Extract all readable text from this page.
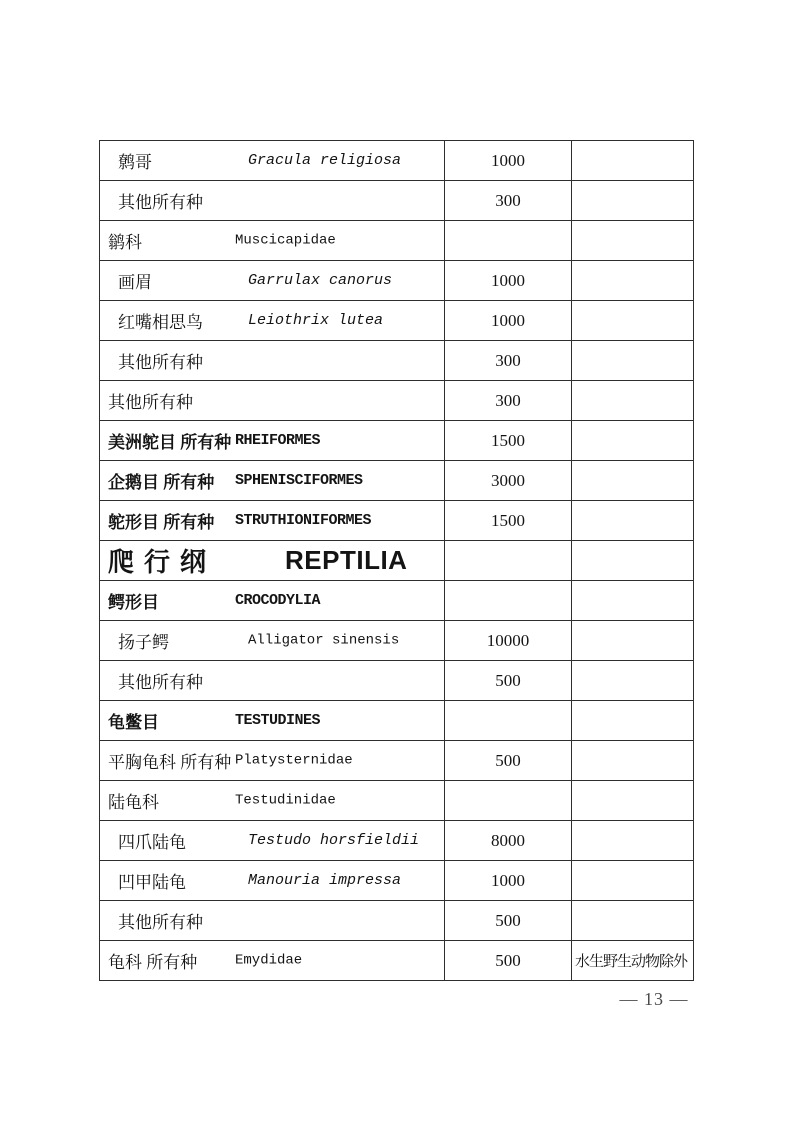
鹩哥 Gracula religiosa	1000	
其他所有种	300	
鹟科 Muscicapidae		
画眉 Garrulax canorus	1000	
红嘴相思鸟 Leiothrix lutea	1000	
其他所有种	300	
其他所有种	300	
美洲鸵目 所有种 RHEIFORMES	1500	
企鹅目 所有种 SPHENISCIFORMES	3000	
鸵形目 所有种 STRUTHIONIFORMES	1500	
爬行纲 REPTILIA		
鳄形目 CROCODYLIA		
扬子鳄 Alligator sinensis	10000	
其他所有种	500	
龟鳖目 TESTUDINES		
平胸龟科 所有种 Platysternidae	500	
陆龟科 Testudinidae		
四爪陆龟 Testudo horsfieldii	8000	
凹甲陆龟 Manouria impressa	1000	
其他所有种	500	
龟科 所有种 Emydidae	500	水生野生动物除外
— 13 —
